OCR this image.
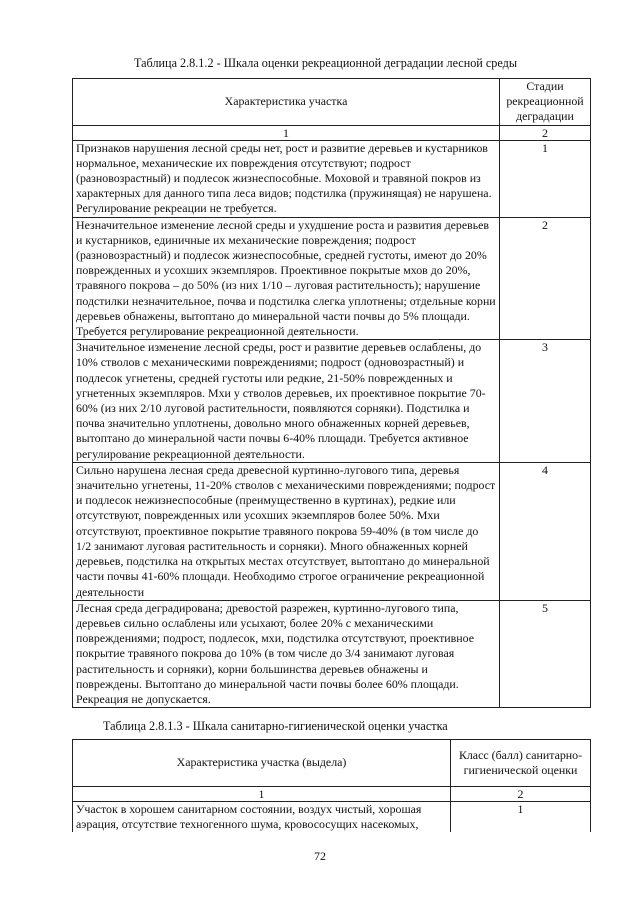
Таблица 2.8.1.2 - Шкала оценки рекреационной деградации лесной среды
Характеристика участка	Стадии рекреационной деградации
1	2
Признаков нарушения лесной среды нет, рост и развитие деревьев и кустарников нормальное, механические их повреждения отсутствуют; подрост (разновозрастный) и подлесок жизнеспособные. Моховой и травяной покров из характерных для данного типа леса видов; подстилка (пружинящая) не нарушена. Регулирование рекреации не требуется.	1
Незначительное изменение лесной среды и ухудшение роста и развития деревьев и кустарников, единичные их механические повреждения; подрост (разновозрастный) и подлесок жизнеспособные, средней густоты, имеют до 20% поврежденных и усохших экземпляров. Проективное покрытые мхов до 20%, травяного покрова – до 50% (из них 1/10 – луговая растительность); нарушение подстилки незначительное, почва и подстилка слегка уплотнены; отдельные корни деревьев обнажены, вытоптано до минеральной части почвы до 5% площади. Требуется регулирование рекреационной деятельности.	2
Значительное изменение лесной среды, рост и развитие деревьев ослаблены, до 10% стволов с механическими повреждениями; подрост (одновозрастный) и подлесок угнетены, средней густоты или редкие, 21-50% поврежденных и угнетенных экземпляров. Мхи у стволов деревьев, их проективное покрытие 70-60% (из них 2/10 луговой растительности, появляются сорняки). Подстилка и почва значительно уплотнены, довольно много обнаженных корней деревьев, вытоптано до минеральной части почвы 6-40% площади. Требуется активное регулирование рекреационной деятельности.	3
Сильно нарушена лесная среда древесной куртинно-лугового типа, деревья значительно угнетены, 11-20% стволов с механическими повреждениями; подрост и подлесок нежизнеспособные (преимущественно в куртинах), редкие или отсутствуют, поврежденных или усохших экземпляров более 50%. Мхи отсутствуют, проективное покрытие травяного покрова 59-40% (в том числе до 1/2 занимают луговая растительность и сорняки). Много обнаженных корней деревьев, подстилка на открытых местах отсутствует, вытоптано до минеральной части почвы 41-60% площади. Необходимо строгое ограничение рекреационной деятельности	4
Лесная среда деградирована; древостой разрежен, куртинно-лугового типа, деревьев сильно ослаблены или усыхают, более 20% с механическими повреждениями; подрост, подлесок, мхи, подстилка отсутствуют, проективное покрытие травяного покрова до 10% (в том числе до 3/4 занимают луговая растительность и сорняки), корни большинства деревьев обнажены и повреждены. Вытоптано до минеральной части почвы более 60% площади. Рекреация не допускается.	5
Таблица 2.8.1.3 - Шкала санитарно-гигиенической оценки участка
Характеристика участка (выдела)	Класс (балл) санитарно-гигиенической оценки
1	2
Участок в хорошем санитарном состоянии, воздух чистый, хорошая аэрация, отсутствие техногенного шума, кровососущих насекомых,	1
72
